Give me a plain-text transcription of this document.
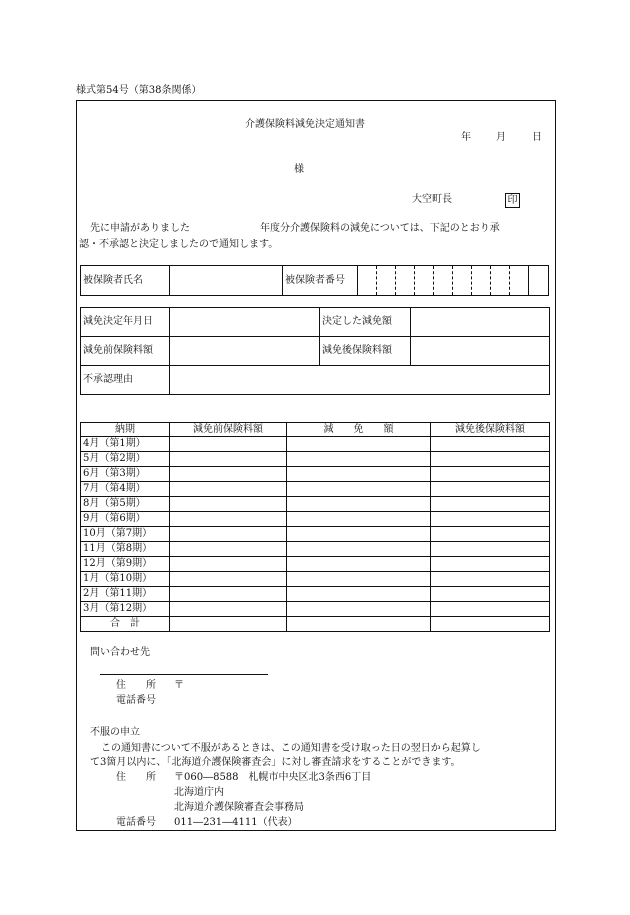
様式第54号（第38条関係）
介護保険料減免決定通知書
年	月	日
様
大空町長	印
先に申請がありました	年度分介護保険料の減免については、下記のとおり承
認・不承認と決定しましたので通知します。
被保険者氏名		被保険者番号										
減免決定年月日		決定した減免額	
減免前保険料額		減免後保険料額	
不承認理由			
納期	減免前保険料額	減　　免　　額	減免後保険料額
4月（第1期）			
5月（第2期）			
6月（第3期）			
7月（第4期）			
8月（第5期）			
9月（第6期）			
10月（第7期）			
11月（第8期）			
12月（第9期）			
1月（第10期）			
2月（第11期）			
3月（第12期）			
合　計			
問い合わせ先
住　　所 〒
電話番号
不服の申立
この通知書について不服があるときは、この通知書を受け取った日の翌日から起算し
て3箇月以内に、「北海道介護保険審査会」に対し審査請求をすることができます。
住　　所 〒060―8588　札幌市中央区北3条西6丁目
北海道庁内
北海道介護保険審査会事務局
電話番号 011―231―4111（代表）
